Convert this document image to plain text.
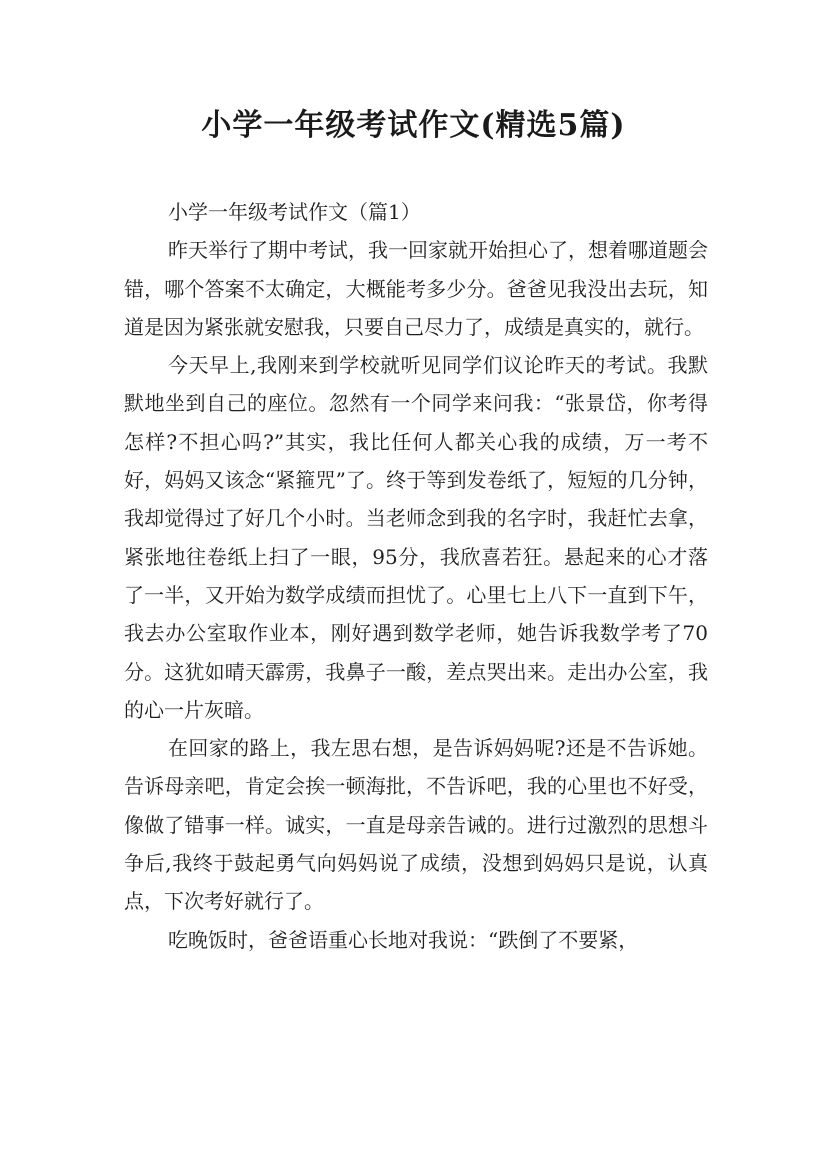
小学一年级考试作文(精选5篇)

小学一年级考试作文（篇1）

昨天举行了期中考试，我一回家就开始担心了，想着哪道题会错，哪个答案不太确定，大概能考多少分。爸爸见我没出去玩，知道是因为紧张就安慰我，只要自己尽力了，成绩是真实的，就行。

今天早上,我刚来到学校就听见同学们议论昨天的考试。我默默地坐到自己的座位。忽然有一个同学来问我：“张景岱，你考得怎样?不担心吗?”其实，我比任何人都关心我的成绩，万一考不好，妈妈又该念“紧箍咒”了。终于等到发卷纸了，短短的几分钟，我却觉得过了好几个小时。当老师念到我的名字时，我赶忙去拿，紧张地往卷纸上扫了一眼，95分，我欣喜若狂。悬起来的心才落了一半，又开始为数学成绩而担忧了。心里七上八下一直到下午，我去办公室取作业本，刚好遇到数学老师，她告诉我数学考了70分。这犹如晴天霹雳，我鼻子一酸，差点哭出来。走出办公室，我的心一片灰暗。

在回家的路上，我左思右想，是告诉妈妈呢?还是不告诉她。告诉母亲吧，肯定会挨一顿海批，不告诉吧，我的心里也不好受，像做了错事一样。诚实，一直是母亲告诫的。进行过激烈的思想斗争后,我终于鼓起勇气向妈妈说了成绩，没想到妈妈只是说，认真点，下次考好就行了。

吃晚饭时，爸爸语重心长地对我说：“跌倒了不要紧，
